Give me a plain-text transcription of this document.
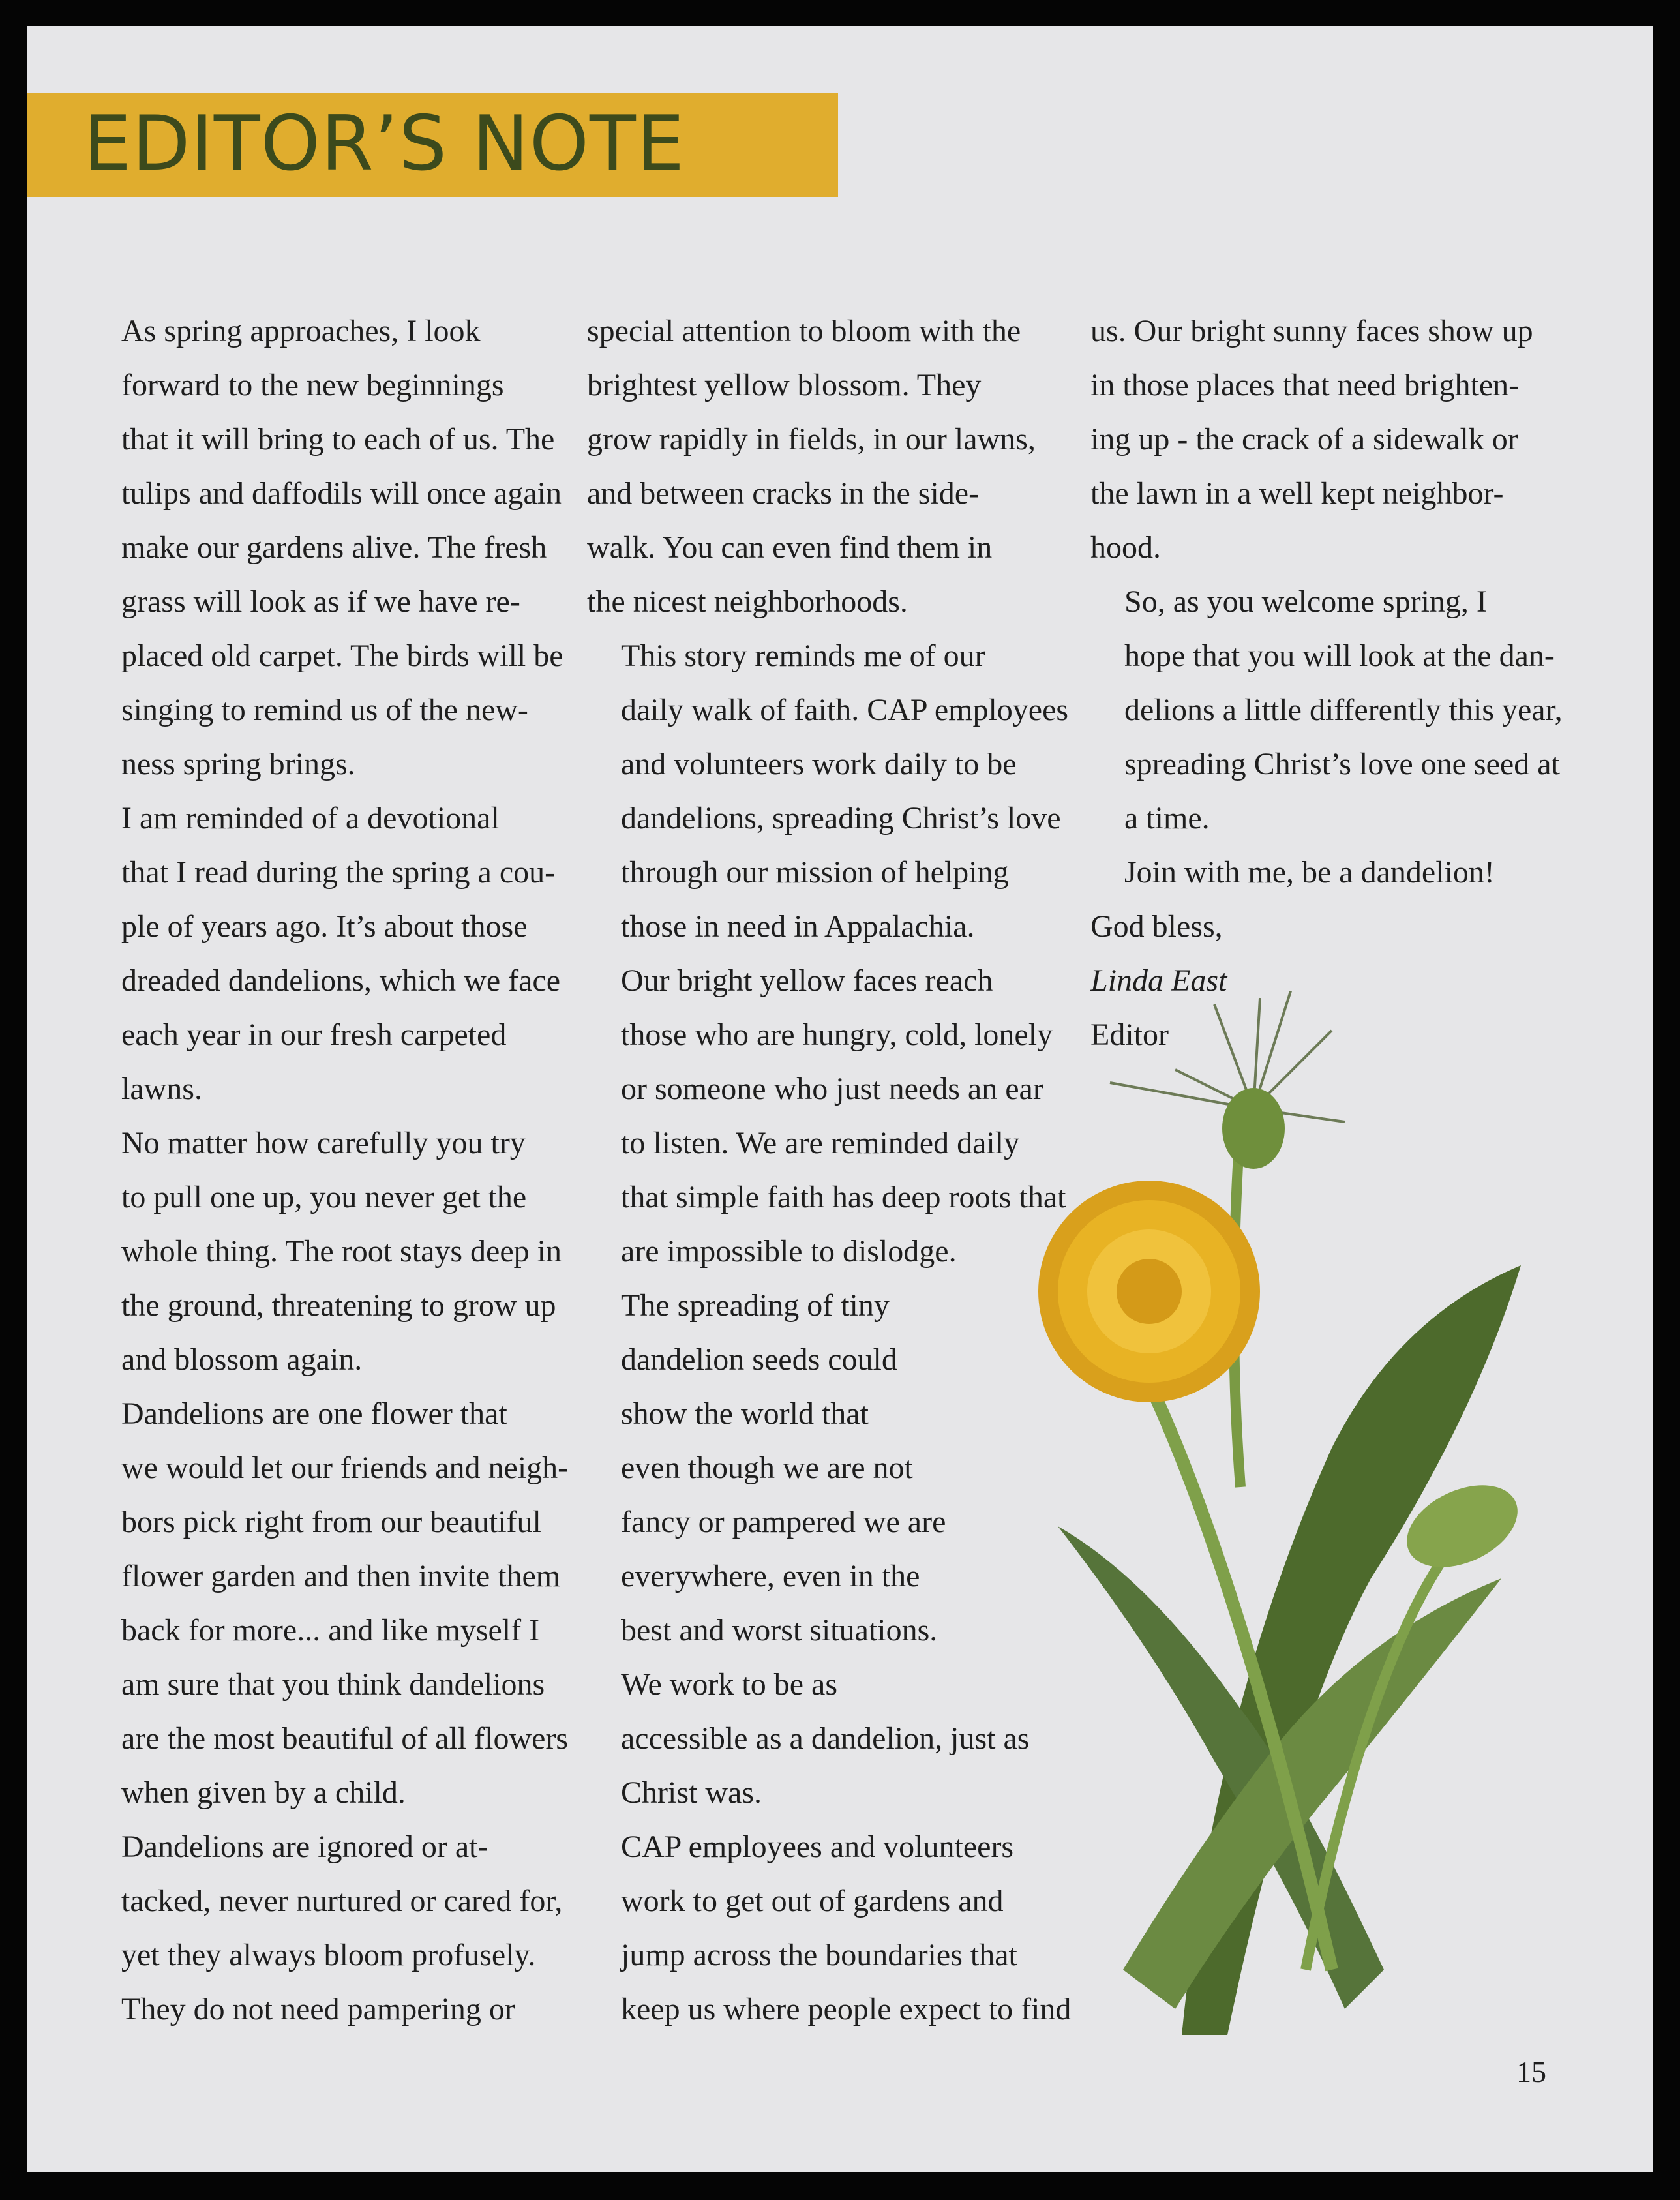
EDITOR’S NOTE

As spring approaches, I look
forward to the new beginnings
that it will bring to each of us. The
tulips and daffodils will once again
make our gardens alive. The fresh
grass will look as if we have re-
placed old carpet. The birds will be
singing to remind us of the new-
ness spring brings.

I am reminded of a devotional
that I read during the spring a cou-
ple of years ago. It’s about those
dreaded dandelions, which we face
each year in our fresh carpeted
lawns.

No matter how carefully you try
to pull one up, you never get the
whole thing. The root stays deep in
the ground, threatening to grow up
and blossom again.

Dandelions are one flower that
we would let our friends and neigh-
bors pick right from our beautiful
flower garden and then invite them
back for more... and like myself I
am sure that you think dandelions
are the most beautiful of all flowers
when given by a child.

Dandelions are ignored or at-
tacked, never nurtured or cared for,
yet they always bloom profusely.
They do not need pampering or

special attention to bloom with the
brightest yellow blossom. They
grow rapidly in fields, in our lawns,
and between cracks in the side-
walk. You can even find them in
the nicest neighborhoods.

This story reminds me of our
daily walk of faith. CAP employees
and volunteers work daily to be
dandelions, spreading Christ’s love
through our mission of helping
those in need in Appalachia.

Our bright yellow faces reach
those who are hungry, cold, lonely
or someone who just needs an ear
to listen. We are reminded daily
that simple faith has deep roots that
are impossible to dislodge.

The spreading of tiny
dandelion seeds could
show the world that
even though we are not
fancy or pampered we are
everywhere, even in the
best and worst situations.

We work to be as
accessible as a dandelion, just as
Christ was.

CAP employees and volunteers
work to get out of gardens and
jump across the boundaries that
keep us where people expect to find

us. Our bright sunny faces show up
in those places that need brighten-
ing up - the crack of a sidewalk or
the lawn in a well kept neighbor-
hood.

So, as you welcome spring, I
hope that you will look at the dan-
delions a little differently this year,
spreading Christ’s love one seed at
a time.

Join with me, be a dandelion!

God bless,

Linda East

Editor

15
